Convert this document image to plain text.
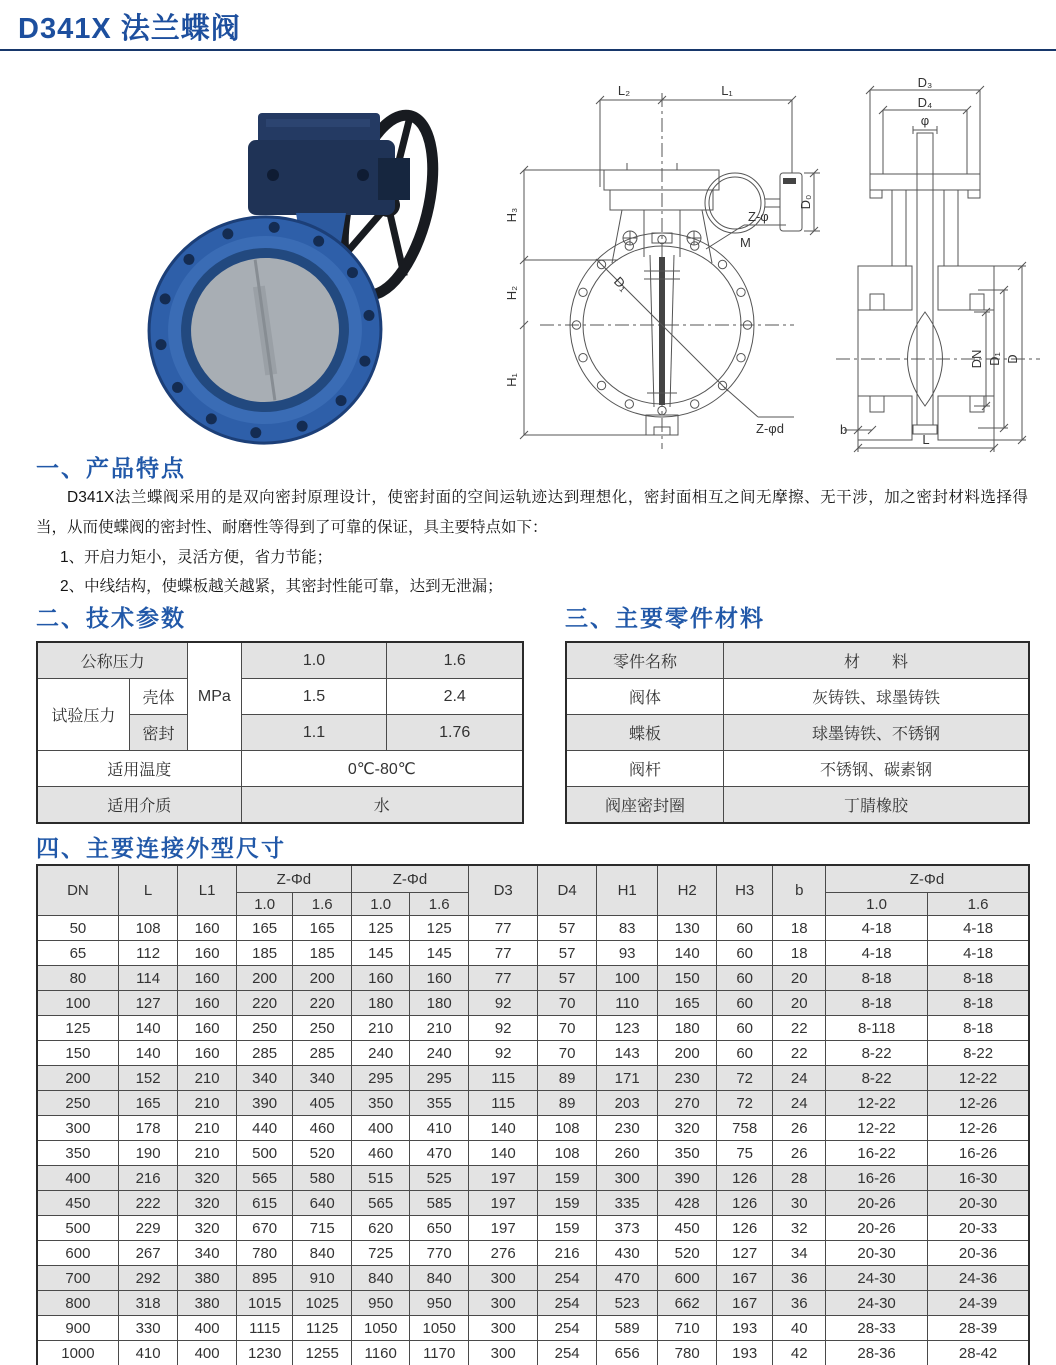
D341X 法兰蝶阀
L₂	L₁
H₃
H₂
H₁
D₀
D₁
Z-φ
M
Z-φd
D₃
D₄
φ
DN D₁ D
L
b
一、产品特点
D341X法兰蝶阀采用的是双向密封原理设计，使密封面的空间运轨迹达到理想化，密封面相互之间无摩擦、无干涉，加之密封材料选择得当，从而使蝶阀的密封性、耐磨性等得到了可靠的保证，具主要特点如下：
1、开启力矩小，灵活方便，省力节能；
2、中线结构，使蝶板越关越紧，其密封性能可靠，达到无泄漏；
二、技术参数
公称压力		MPa	1.0	1.6
试验压力	壳体		1.5	2.4
	密封		1.1	1.76
适用温度			0℃-80℃	
适用介质			水	
三、主要零件材料
零件名称	材　　料
阀体	灰铸铁、球墨铸铁
蝶板	球墨铸铁、不锈钢
阀杆	不锈钢、碳素钢
阀座密封圈	丁腈橡胶
四、主要连接外型尺寸
DN	L	L1	Z-Φd		Z-Φd		D3	D4	H1	H2	H3	b	Z-Φd	
			1.0	1.6	1.0	1.6							1.0	1.6
50	108	160	165	165	125	125	77	57	83	130	60	18	4-18	4-18
65	112	160	185	185	145	145	77	57	93	140	60	18	4-18	4-18
80	114	160	200	200	160	160	77	57	100	150	60	20	8-18	8-18
100	127	160	220	220	180	180	92	70	110	165	60	20	8-18	8-18
125	140	160	250	250	210	210	92	70	123	180	60	22	8-118	8-18
150	140	160	285	285	240	240	92	70	143	200	60	22	8-22	8-22
200	152	210	340	340	295	295	115	89	171	230	72	24	8-22	12-22
250	165	210	390	405	350	355	115	89	203	270	72	24	12-22	12-26
300	178	210	440	460	400	410	140	108	230	320	758	26	12-22	12-26
350	190	210	500	520	460	470	140	108	260	350	75	26	16-22	16-26
400	216	320	565	580	515	525	197	159	300	390	126	28	16-26	16-30
450	222	320	615	640	565	585	197	159	335	428	126	30	20-26	20-30
500	229	320	670	715	620	650	197	159	373	450	126	32	20-26	20-33
600	267	340	780	840	725	770	276	216	430	520	127	34	20-30	20-36
700	292	380	895	910	840	840	300	254	470	600	167	36	24-30	24-36
800	318	380	1015	1025	950	950	300	254	523	662	167	36	24-30	24-39
900	330	400	1115	1125	1050	1050	300	254	589	710	193	40	28-33	28-39
1000	410	400	1230	1255	1160	1170	300	254	656	780	193	42	28-36	28-42
